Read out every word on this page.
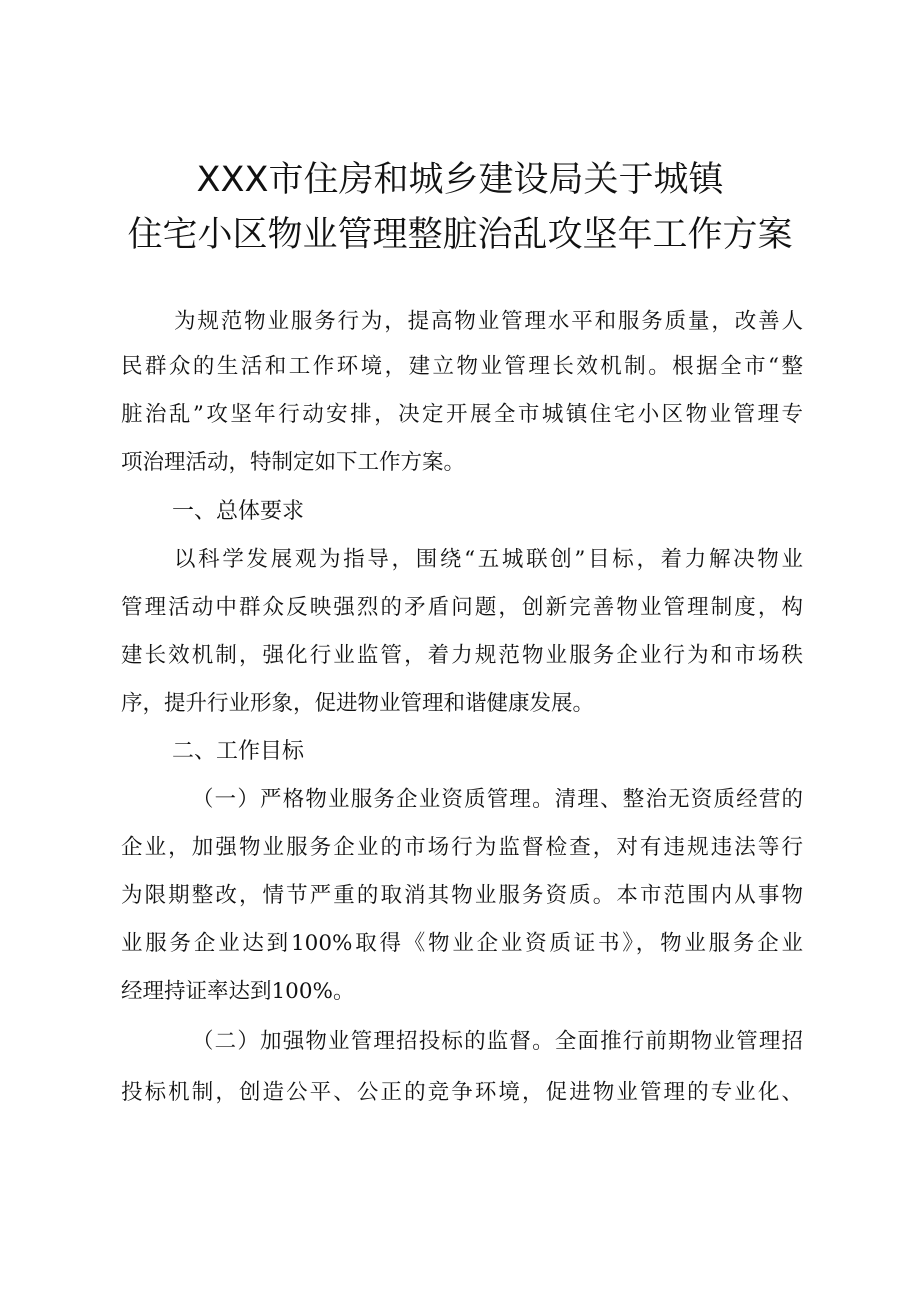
XXX市住房和城乡建设局关于城镇
住宅小区物业管理整脏治乱攻坚年工作方案
为规范物业服务行为，提高物业管理水平和服务质量，改善人
民群众的生活和工作环境，建立物业管理长效机制。根据全市“整
脏治乱”攻坚年行动安排，决定开展全市城镇住宅小区物业管理专
项治理活动，特制定如下工作方案。
一、总体要求
以科学发展观为指导，围绕“五城联创”目标，着力解决物业
管理活动中群众反映强烈的矛盾问题，创新完善物业管理制度，构
建长效机制，强化行业监管，着力规范物业服务企业行为和市场秩
序，提升行业形象，促进物业管理和谐健康发展。
二、工作目标
（一）严格物业服务企业资质管理。清理、整治无资质经营的
企业，加强物业服务企业的市场行为监督检查，对有违规违法等行
为限期整改，情节严重的取消其物业服务资质。本市范围内从事物
业服务企业达到100%取得《物业企业资质证书》，物业服务企业
经理持证率达到100%。
（二）加强物业管理招投标的监督。全面推行前期物业管理招
投标机制，创造公平、公正的竞争环境，促进物业管理的专业化、
